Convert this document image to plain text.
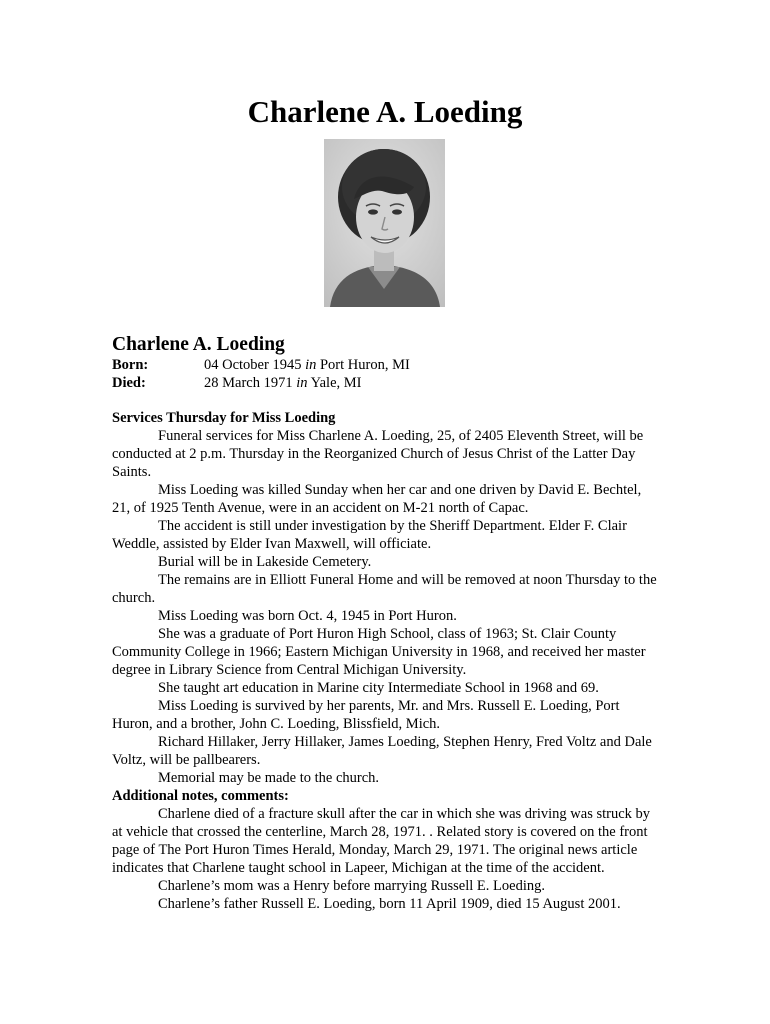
Charlene A. Loeding
Charlene A. Loeding
Born:	04 October 1945 in Port Huron, MI
Died:	28 March 1971 in Yale, MI

Services Thursday for Miss Loeding

Funeral services for Miss Charlene A. Loeding, 25, of 2405 Eleventh Street, will be conducted at 2 p.m. Thursday in the Reorganized Church of Jesus Christ of the Latter Day Saints.

Miss Loeding was killed Sunday when her car and one driven by David E. Bechtel, 21, of 1925 Tenth Avenue, were in an accident on M-21 north of Capac.

The accident is still under investigation by the Sheriff Department. Elder F. Clair Weddle, assisted by Elder Ivan Maxwell, will officiate.

Burial will be in Lakeside Cemetery.

The remains are in Elliott Funeral Home and will be removed at noon Thursday to the church.

Miss Loeding was born Oct. 4, 1945 in Port Huron.

She was a graduate of Port Huron High School, class of 1963; St. Clair County Community College in 1966; Eastern Michigan University in 1968, and received her master degree in Library Science from Central Michigan University.

She taught art education in Marine city Intermediate School in 1968 and 69.

Miss Loeding is survived by her parents, Mr. and Mrs. Russell E. Loeding, Port Huron, and a brother, John C. Loeding, Blissfield, Mich.

Richard Hillaker, Jerry Hillaker, James Loeding, Stephen Henry, Fred Voltz and Dale Voltz, will be pallbearers.

Memorial may be made to the church.

Additional notes, comments:

Charlene died of a fracture skull after the car in which she was driving was struck by at vehicle that crossed the centerline, March 28, 1971. . Related story is covered on the front page of The Port Huron Times Herald, Monday, March 29, 1971. The original news article indicates that Charlene taught school in Lapeer, Michigan at the time of the accident.

Charlene’s mom was a Henry before marrying Russell E. Loeding.

Charlene’s father Russell E. Loeding, born 11 April 1909, died 15 August 2001.
